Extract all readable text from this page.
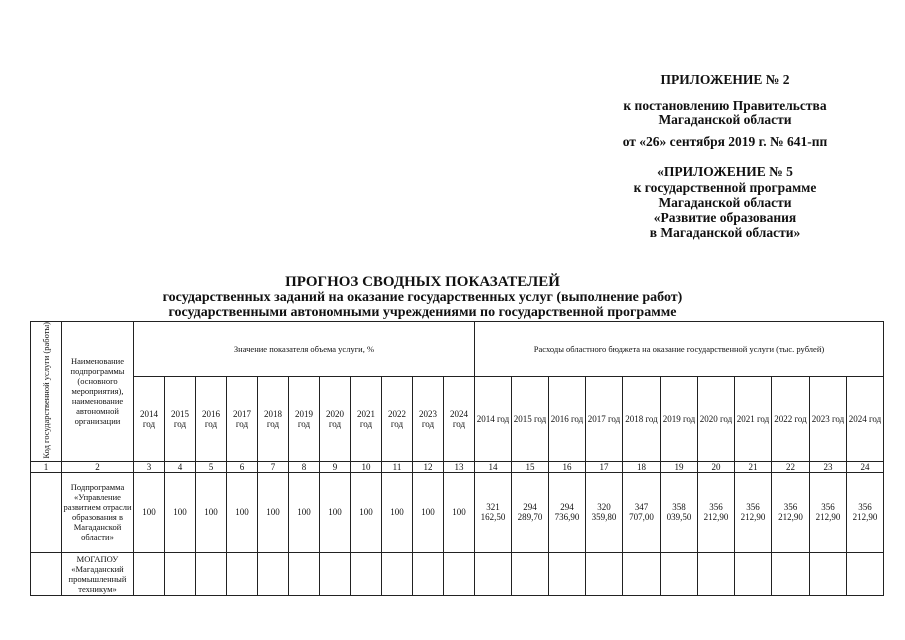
ПРИЛОЖЕНИЕ № 2
к постановлению Правительства
Магаданской области
от «26» сентября 2019 г. № 641-пп
«ПРИЛОЖЕНИЕ № 5
к государственной программе
Магаданской области
«Развитие образования
в Магаданской области»
ПРОГНОЗ СВОДНЫХ ПОКАЗАТЕЛЕЙ
государственных заданий на оказание государственных услуг (выполнение работ)
государственными автономными учреждениями по государственной программе
Код государственной услуги (работы)	Наименование подпрограммы (основного мероприятия), наименование автономной организации	Значение показателя объема услуги, %											Расходы областного бюджета на оказание государственной услуги (тыс. рублей)										
		2014 год	2015 год	2016 год	2017 год	2018 год	2019 год	2020 год	2021 год	2022 год	2023 год	2024 год	2014 год	2015 год	2016 год	2017 год	2018 год	2019 год	2020 год	2021 год	2022 год	2023 год	2024 год
1	2	3	4	5	6	7	8	9	10	11	12	13	14	15	16	17	18	19	20	21	22	23	24
	Подпрограмма «Управление развитием отрасли образования в Магаданской области»	100	100	100	100	100	100	100	100	100	100	100	321 162,50	294 289,70	294 736,90	320 359,80	347 707,00	358 039,50	356 212,90	356 212,90	356 212,90	356 212,90	356 212,90
	МОГАПОУ «Магаданский промышленный техникум»																						
